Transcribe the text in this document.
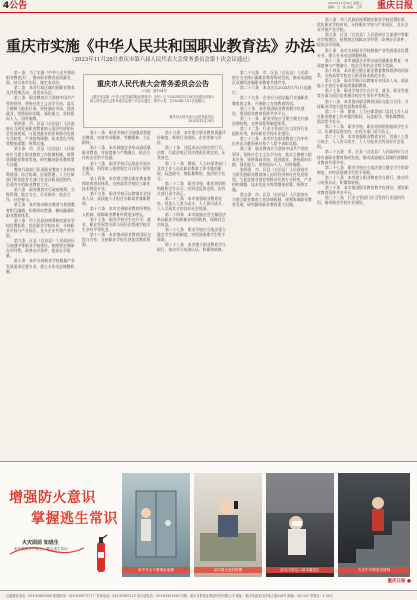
4公告	2023年11月29日 星期三
编辑：王一星 美编：王莉	重庆日报
重庆市实施《中华人民共和国职业教育法》办法
（2023年11月28日重庆市第六届人民代表大会常务委员会第十次会议通过）
第一条　为了实施《中华人民共和国职业教育法》，推动职业教育高质量发展，结合本市实际，制定本办法。
第二条　本市行政区域内的职业教育及其管理活动，适用本办法。
第三条　职业教育应当坚持中国共产党的领导，坚持社会主义办学方向，落实立德树人根本任务，坚持面向市场、促进就业，坚持面向实践、强化能力，坚持面向人人、因材施教。
第四条　市、区县（自治县）人民政府应当将发展职业教育纳入国民经济和社会发展规划，与促进就业创业和推动发展方式转变、产业结构调整、技术优化升级等整体部署、统筹实施。
第五条　市、区县（自治县）人民政府应当建立职业教育工作协调机制，统筹协调职业教育发展，研究解决职业教育重大问题。
教育行政部门负责职业教育工作的统筹规划、综合协调、宏观管理；人力社保部门和其他有关部门在各自职责范围内，负责有关的职业教育工作。
第六条　职业教育实行政府统筹、分级管理、地方为主、行业指导、校企合作、社会参与。
第七条　本市推动职业教育与普通教育相互融通，构建纵向贯通、横向融通的职业教育体系。
第八条　市人民政府统筹制定职业学校设置标准，优化职业学校布局，支持职业学校与产业园区、龙头企业共建产业学院。
第九条　区县（自治县）人民政府应当加强中等职业学校建设，按照规定保障办学经费，改善办学条件，提高办学质量。
第十条　本市支持职业学校根据产业发展需求设置专业，建立专业动态调整机制。
重庆市人民代表大会常务委员会公告
〔六届〕第104号
《重庆市实施〈中华人民共和国职业教育法〉办法》已于2023年11月28日经重庆市第六届人民代表大会常务委员会第十次会议通过，现予公布，自2024年1月1日起施行。
重庆市人民代表大会常务委员会
2023年11月28日
第十一条　职业学校应当加强思想政治教育，培育劳动精神、劳模精神、工匠精神。
第十二条　本市鼓励企业举办高质量职业教育，对深度参与产教融合、校企合作的企业给予奖励。
第十三条　职业学校可以依法开展社会服务，所得收入按照规定可以用于绩效工资。
第十四条　本市建立健全职业教育教师培养培训体系，支持高等学校设立职业技术师范专业。
第十五条　职业学校可以聘请专业技术人员、高技能人才担任专职或者兼职教师。
第十六条　本市完善职业教育经费投入机制，保障职业教育经费逐步增长。
第十七条　职业学校学生在升学、就业、职业发展等方面与同层次普通学校学生享有平等机会。
第十八条　本市推动职业教育国际交流与合作，支持职业学校引进优质教育资源。
第十九条　本市建立职业教育质量评价制度，吸收行业组织、企业等参与评价。
第二十条　违反本办法规定的行为，法律、行政法规已有法律责任规定的，从其规定。
第二十一条　教育、人力社保等部门及其工作人员在职业教育工作中滥用职权、玩忽职守、徇私舞弊的，依法给予处分。
第二十二条　职业学校、职业培训机构组织学生实习、实训违反规定的，由有关部门责令改正。
第二十三条　本市加强职业教育宣传，营造人人努力成才、人人皆可成才、人人尽展其才的良好社会氛围。
第二十四条　本市鼓励社会力量依法举办职业学校和职业培训机构，保障其合法权益。
第二十七条　职业学校应当依法建立健全学生资助制度，对经济困难学生给予资助。
第二十八条　本市建立职业教育学分银行，推动学习成果认证、积累和转换。
第二十五条　市、区县（自治县）人民政府应当支持川渝职业教育协同发展，推动成渝地区双城经济圈职业教育共建共享。
第二十六条　本办法自2024年1月1日起施行。
第二十九条　企业应当依法履行实施职业教育的义务，开展职工在岗教育培训。
第三十条　本市推进职业教育数字化建设，建设职业教育资源共享平台。
第三十一条　职业学校应当建立健全内部治理结构，完善章程和制度体系。
第三十二条　行业主管部门应当发挥行业组织作用，指导职业学校专业建设。
第三十三条　本市对在职业教育工作中作出突出贡献的单位和个人给予表彰奖励。
第三条　职业教育应当坚持中国共产党的领导，坚持社会主义办学方向，落实立德树人根本任务，坚持面向市场、促进就业，坚持面向实践、强化能力，坚持面向人人、因材施教。
第四条　市、区县（自治县）人民政府应当将发展职业教育纳入国民经济和社会发展规划，与促进就业创业和推动发展方式转变、产业结构调整、技术优化升级等整体部署、统筹实施。
第五条　市、区县（自治县）人民政府应当建立职业教育工作协调机制，统筹协调职业教育发展，研究解决职业教育重大问题。
第八条　市人民政府统筹制定职业学校设置标准，优化职业学校布局，支持职业学校与产业园区、龙头企业共建产业学院。
第九条　区县（自治县）人民政府应当加强中等职业学校建设，按照规定保障办学经费，改善办学条件，提高办学质量。
第十条　本市支持职业学校根据产业发展需求设置专业，建立专业动态调整机制。
第十二条　本市鼓励企业举办高质量职业教育，对深度参与产教融合、校企合作的企业给予奖励。
第十四条　本市建立健全职业教育教师培养培训体系，支持高等学校设立职业技术师范专业。
第十五条　职业学校可以聘请专业技术人员、高技能人才担任专职或者兼职教师。
第十七条　职业学校学生在升学、就业、职业发展等方面与同层次普通学校学生享有平等机会。
第十八条　本市推动职业教育国际交流与合作，支持职业学校引进优质教育资源。
第二十一条　教育、人力社保等部门及其工作人员在职业教育工作中滥用职权、玩忽职守、徇私舞弊的，依法给予处分。
第二十二条　职业学校、职业培训机构组织学生实习、实训违反规定的，由有关部门责令改正。
第二十三条　本市加强职业教育宣传，营造人人努力成才、人人皆可成才、人人尽展其才的良好社会氛围。
第二十五条　市、区县（自治县）人民政府应当支持川渝职业教育协同发展，推动成渝地区双城经济圈职业教育共建共享。
第二十七条　职业学校应当依法建立健全学生资助制度，对经济困难学生给予资助。
第二十八条　本市建立职业教育学分银行，推动学习成果认证、积累和转换。
第三十条　本市推进职业教育数字化建设，建设职业教育资源共享平台。
第三十二条　行业主管部门应当发挥行业组织作用，指导职业学校专业建设。
增强防火意识
掌握逃生常识
火灾面前 知逃生
家有熊孩子不放心，教会逃生知识
家中失火不要乘坐电梯	室内着火及时报警	湿毛巾捂住口鼻弯腰逃生	火灾中不要贪恋财物
重庆日报 ●
总编辑室电话：023-63907000 新闻热线：023-63907777 广告部电话：023-63907123 发行部电话：023-63907456 印刷：重庆日报报业集团印务有限公司 地址：重庆市渝北区同茂大道416号 邮编：401147 零售价：1.50元
